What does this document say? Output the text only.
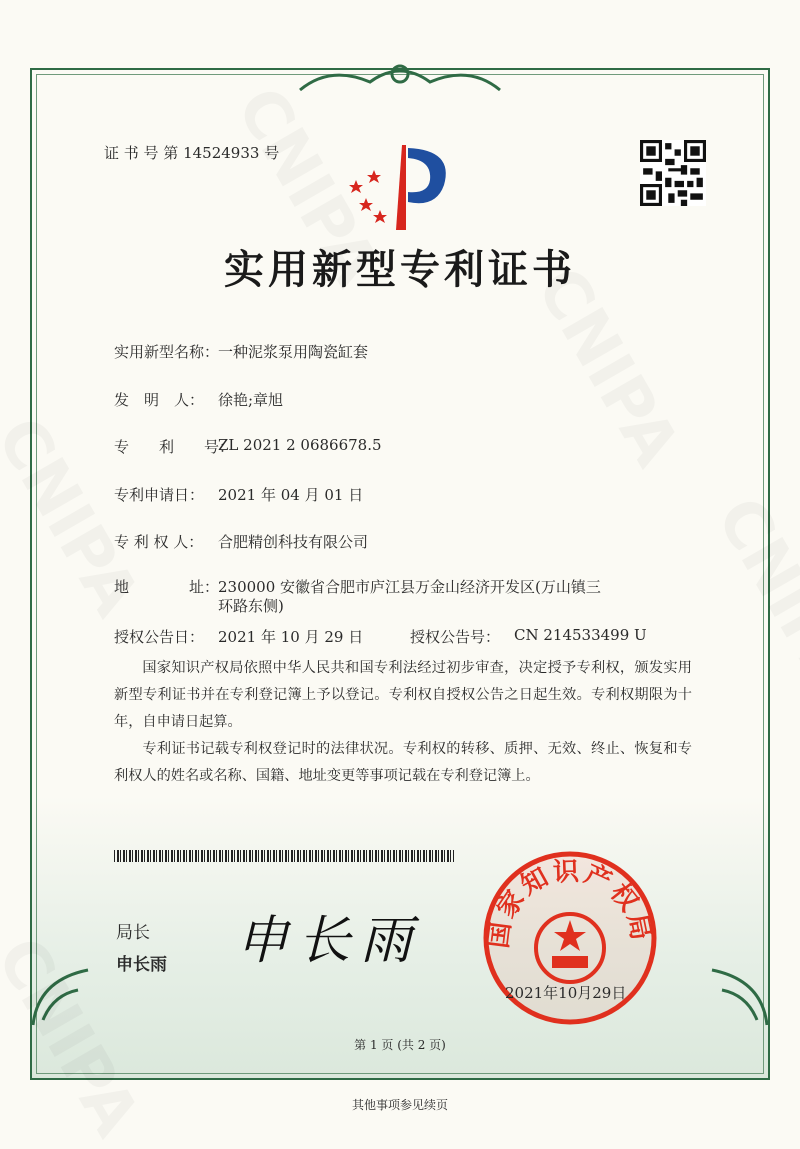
证 书 号 第 14524933 号
实用新型专利证书
实用新型名称：
一种泥浆泵用陶瓷缸套
发　明　人： 徐艳;章旭
专　　利　　号：
ZL 2021 2 0686678.5
专利申请日： 2021 年 04 月 01 日
专 利 权 人： 合肥精创科技有限公司
地　　　　址：
230000 安徽省合肥市庐江县万金山经济开发区(万山镇三环路东侧)
授权公告日： 2021 年 10 月 29 日	授权公告号： CN 214533499 U
国家知识产权局依照中华人民共和国专利法经过初步审查，决定授予专利权，颁发实用新型专利证书并在专利登记簿上予以登记。专利权自授权公告之日起生效。专利权期限为十年，自申请日起算。
专利证书记载专利权登记时的法律状况。专利权的转移、质押、无效、终止、恢复和专利权人的姓名或名称、国籍、地址变更等事项记载在专利登记簿上。
局长
申长雨 申长雨 国家知识产权局
2021年10月29日
第 1 页 (共 2 页)
其他事项参见续页
